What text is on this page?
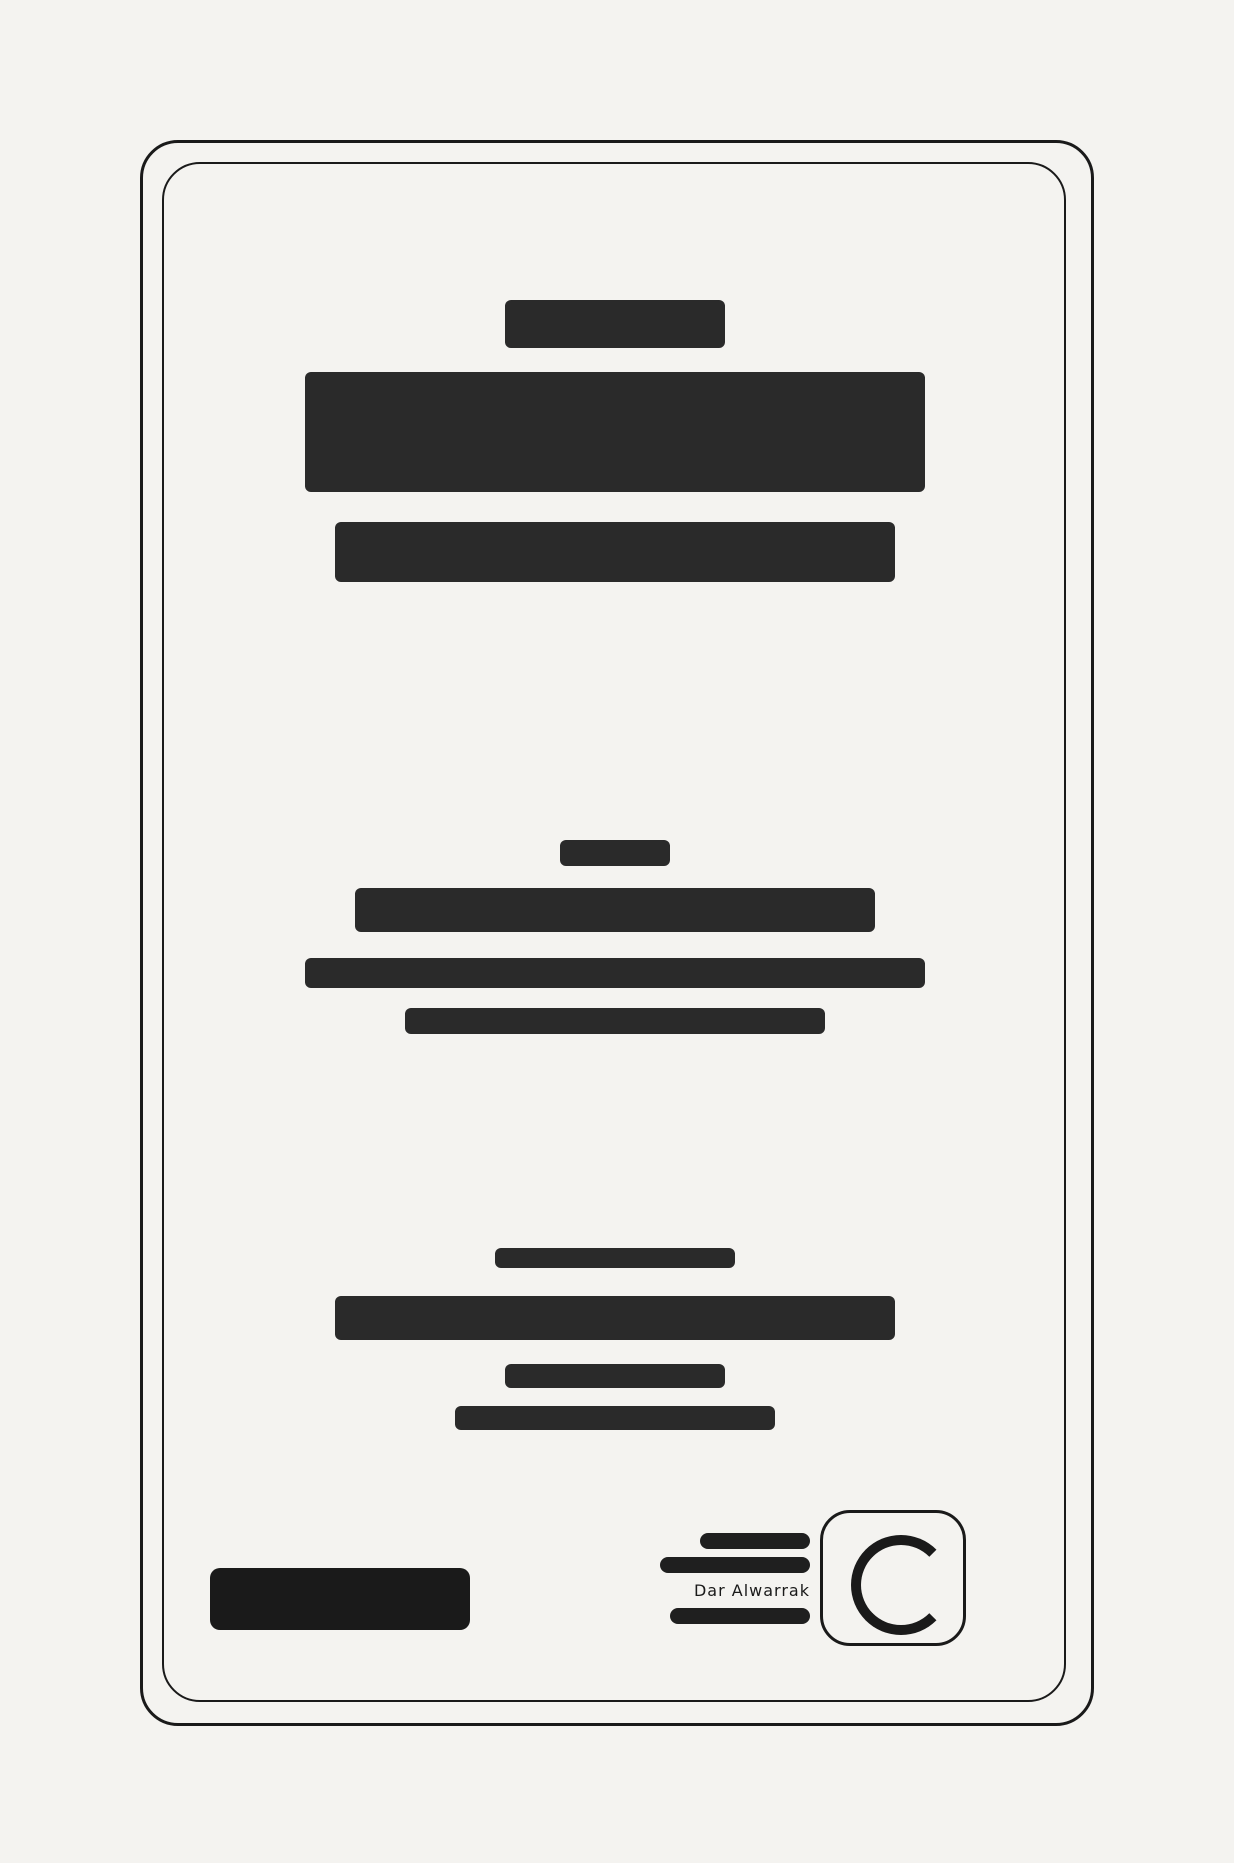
Dar Alwarrak
